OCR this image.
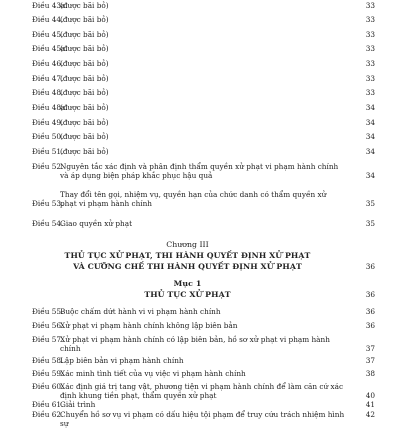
Điều 43a.
(được bãi bỏ)	33
Điều 44.
(được bãi bỏ)	33
Điều 45.
(được bãi bỏ)	33
Điều 45a.
(được bãi bỏ)	33
Điều 46.
(được bãi bỏ)	33
Điều 47.
(được bãi bỏ)	33
Điều 48.
(được bãi bỏ)	33
Điều 48a.
(được bãi bỏ)	34
Điều 49.
(được bãi bỏ)	34
Điều 50.
(được bãi bỏ)	34
Điều 51.
(được bãi bỏ)	34
Điều 52.
Nguyên tắc xác định và phân định thẩm quyền xử phạt vi phạm hành chính và áp dụng biện pháp khắc phục hậu quả	34
Điều 53.
Thay đổi tên gọi, nhiệm vụ, quyền hạn của chức danh có thẩm quyền xử phạt vi phạm hành chính	35
Điều 54.
Giao quyền xử phạt	35
Chương III
THỦ TỤC XỬ PHẠT, THI HÀNH QUYẾT ĐỊNH XỬ PHẠT
VÀ CƯỠNG CHẾ THI HÀNH QUYẾT ĐỊNH XỬ PHẠT	36
Mục 1
THỦ TỤC XỬ PHẠT	36
Điều 55.
Buộc chấm dứt hành vi vi phạm hành chính	36
Điều 56.
Xử phạt vi phạm hành chính không lập biên bản	36
Điều 57.
Xử phạt vi phạm hành chính có lập biên bản, hồ sơ xử phạt vi phạm hành chính	37
Điều 58.
Lập biên bản vi phạm hành chính	37
Điều 59.
Xác minh tình tiết của vụ việc vi phạm hành chính	38
Điều 60.
Xác định giá trị tang vật, phương tiện vi phạm hành chính để làm căn cứ xác định khung tiền phạt, thẩm quyền xử phạt	40
Điều 61.
Giải trình	41
Điều 62.
Chuyển hồ sơ vụ vi phạm có dấu hiệu tội phạm để truy cứu trách nhiệm hình sự
42
